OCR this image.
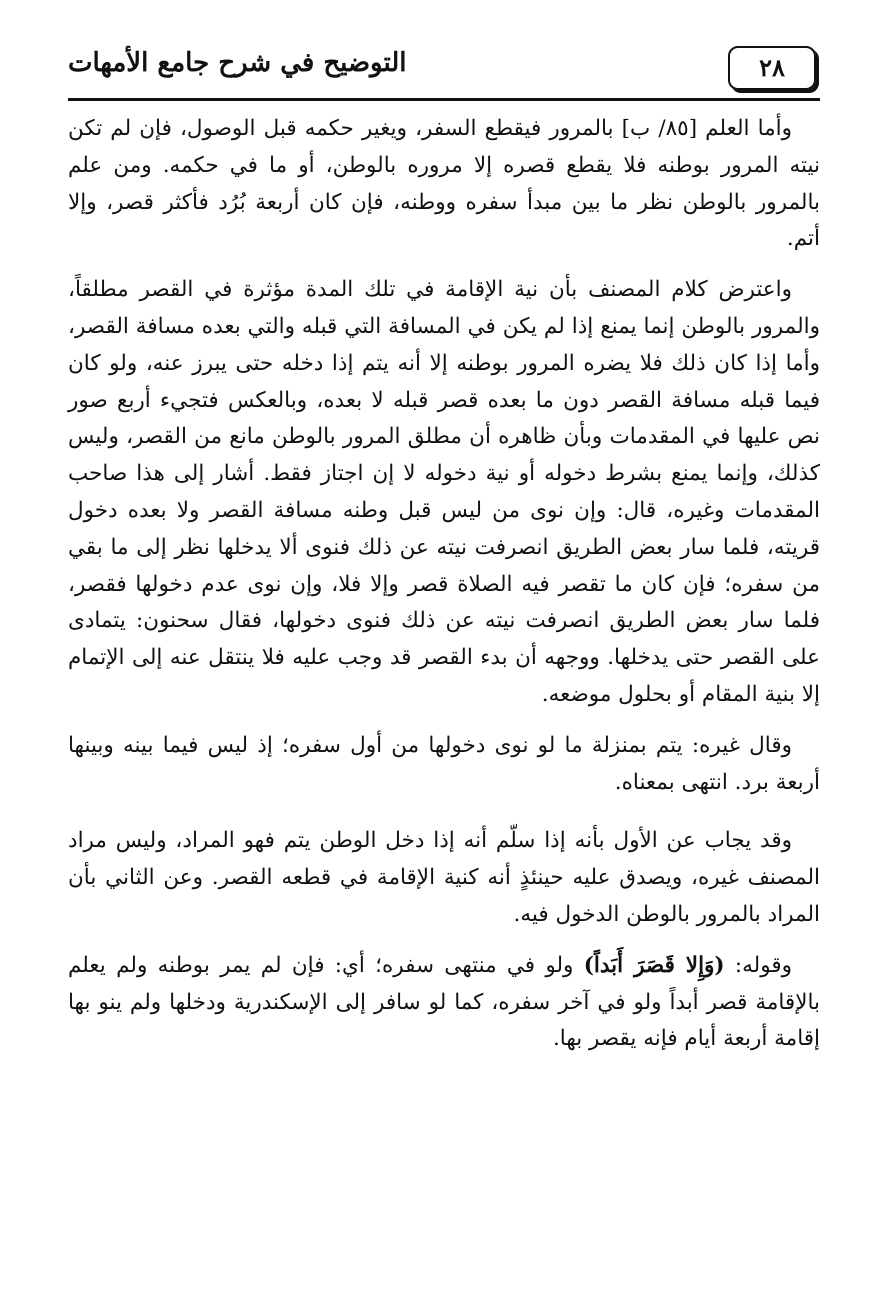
التوضيح في شرح جامع الأمهات	٢٨

وأما العلم [٨٥/ ب] بالمرور فيقطع السفر، ويغير حكمه قبل الوصول، فإن لم تكن نيته المرور بوطنه فلا يقطع قصره إلا مروره بالوطن، أو ما في حكمه. ومن علم بالمرور بالوطن نظر ما بين مبدأ سفره ووطنه، فإن كان أربعة بُرُد فأكثر قصر، وإلا أتم.

واعترض كلام المصنف بأن نية الإقامة في تلك المدة مؤثرة في القصر مطلقاً، والمرور بالوطن إنما يمنع إذا لم يكن في المسافة التي قبله والتي بعده مسافة القصر، وأما إذا كان ذلك فلا يضره المرور بوطنه إلا أنه يتم إذا دخله حتى يبرز عنه، ولو كان فيما قبله مسافة القصر دون ما بعده قصر قبله لا بعده، وبالعكس فتجيء أربع صور نص عليها في المقدمات وبأن ظاهره أن مطلق المرور بالوطن مانع من القصر، وليس كذلك، وإنما يمنع بشرط دخوله أو نية دخوله لا إن اجتاز فقط. أشار إلى هذا صاحب المقدمات وغيره، قال: وإن نوى من ليس قبل وطنه مسافة القصر ولا بعده دخول قريته، فلما سار بعض الطريق انصرفت نيته عن ذلك فنوى ألا يدخلها نظر إلى ما بقي من سفره؛ فإن كان ما تقصر فيه الصلاة قصر وإلا فلا، وإن نوى عدم دخولها فقصر، فلما سار بعض الطريق انصرفت نيته عن ذلك فنوى دخولها، فقال سحنون: يتمادى على القصر حتى يدخلها. ووجهه أن بدء القصر قد وجب عليه فلا ينتقل عنه إلى الإتمام إلا بنية المقام أو بحلول موضعه.

وقال غيره: يتم بمنزلة ما لو نوى دخولها من أول سفره؛ إذ ليس فيما بينه وبينها أربعة برد. انتهى بمعناه.

وقد يجاب عن الأول بأنه إذا سلّم أنه إذا دخل الوطن يتم فهو المراد، وليس مراد المصنف غيره، ويصدق عليه حينئذٍ أنه كنية الإقامة في قطعه القصر. وعن الثاني بأن المراد بالمرور بالوطن الدخول فيه.

وقوله: (وَإِلا قَصَرَ أَبَداً) ولو في منتهى سفره؛ أي: فإن لم يمر بوطنه ولم يعلم بالإقامة قصر أبداً ولو في آخر سفره، كما لو سافر إلى الإسكندرية ودخلها ولم ينو بها إقامة أربعة أيام فإنه يقصر بها.
